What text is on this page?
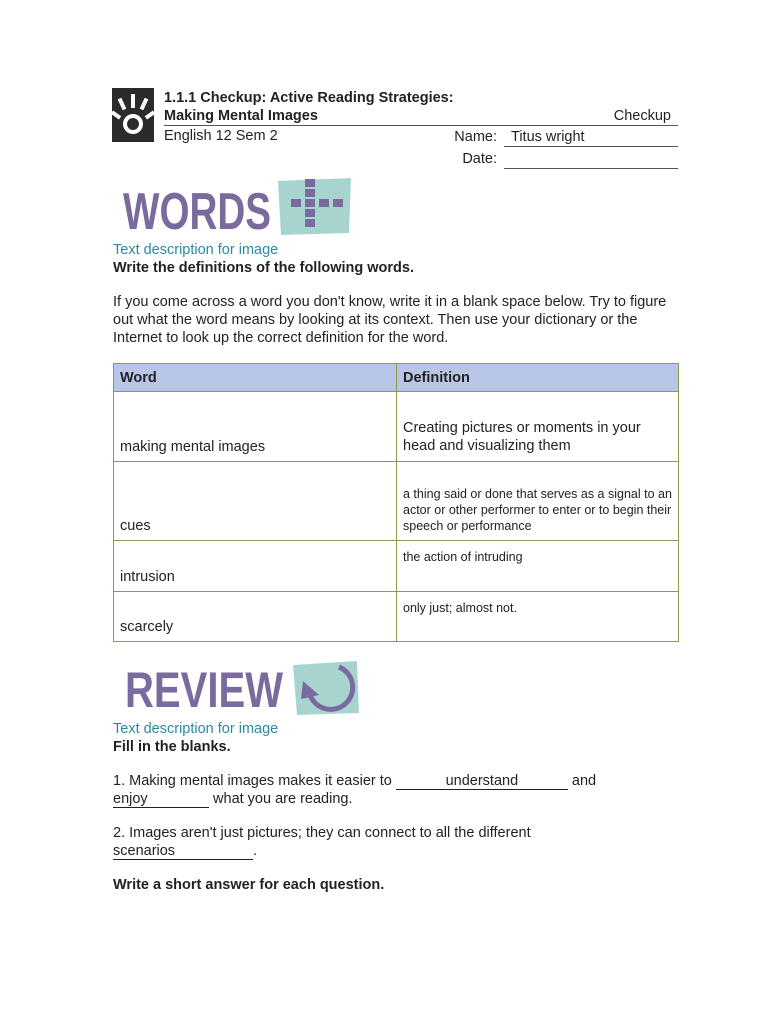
1.1.1 Checkup: Active Reading Strategies:
Making Mental Images	Checkup
English 12 Sem 2	Name: Titus wright
Date:
WORDS
Text description for image
Write the definitions of the following words.
If you come across a word you don't know, write it in a blank space below. Try to figure out what the word means by looking at its context. Then use your dictionary or the Internet to look up the correct definition for the word.
Word	Definition
making mental images	Creating pictures or moments in your head and visualizing them
cues	a thing said or done that serves as a signal to an actor or other performer to enter or to begin their speech or performance
intrusion	the action of intruding
scarcely	only just; almost not.
REVIEW
Text description for image
Fill in the blanks.
1. Making mental images makes it easier to	understand	and
enjoy	what you are reading.
2. Images aren't just pictures; they can connect to all the different
scenarios	.
Write a short answer for each question.
